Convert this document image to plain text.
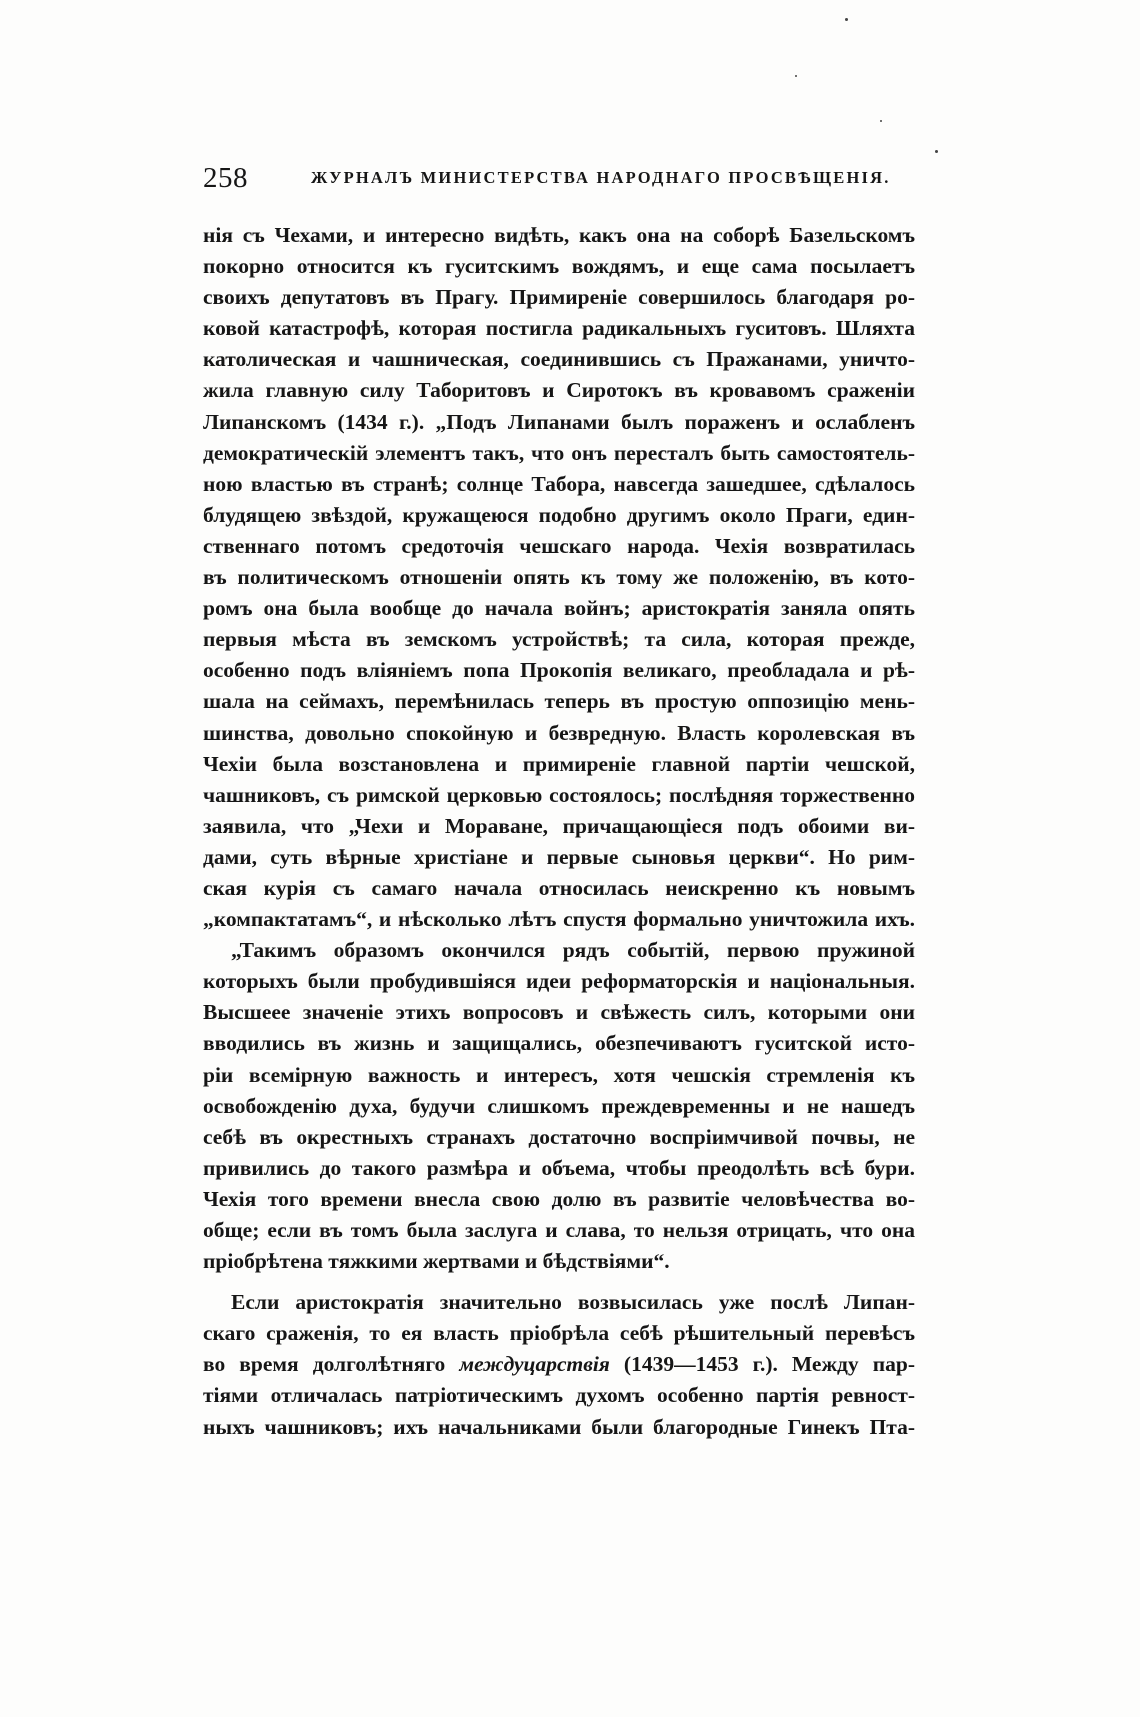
258	ЖУРНАЛЪ МИНИСТЕРСТВА НАРОДНАГО ПРОСВѢЩЕНІЯ.
нія съ Чехами, и интересно видѣть, какъ она на соборѣ Базельскомъ
покорно относится къ гуситскимъ вождямъ, и еще сама посылаетъ
своихъ депутатовъ въ Прагу. Примиреніе совершилось благодаря ро-
ковой катастрофѣ, которая постигла радикальныхъ гуситовъ. Шляхта
католическая и чашническая, соединившись съ Пражанами, уничто-
жила главную силу Таборитовъ и Сиротокъ въ кровавомъ сраженіи
Липанскомъ (1434 г.). „Подъ Липанами былъ пораженъ и ослабленъ
демократическій элементъ такъ, что онъ пересталъ быть самостоятель-
ною властью въ странѣ; солнце Табора, навсегда зашедшее, сдѣлалось
блудящею звѣздой, кружащеюся подобно другимъ около Праги, един-
ственнаго потомъ средоточія чешскаго народа. Чехія возвратилась
въ политическомъ отношеніи опять къ тому же положенію, въ кото-
ромъ она была вообще до начала войнъ; аристократія заняла опять
первыя мѣста въ земскомъ устройствѣ; та сила, которая прежде,
особенно подъ вліяніемъ попа Прокопія великаго, преобладала и рѣ-
шала на сеймахъ, перемѣнилась теперь въ простую оппозицію мень-
шинства, довольно спокойную и безвредную. Власть королевская въ
Чехіи была возстановлена и примиреніе главной партіи чешской,
чашниковъ, съ римской церковью состоялось; послѣдняя торжественно
заявила, что „Чехи и Моравaне, причащающіеся подъ обоими ви-
дами, суть вѣрные христіане и первые сыновья церкви“. Но рим-
ская курія съ самаго начала относилась неискренно къ новымъ
„компактатамъ“, и нѣсколько лѣтъ спустя формально уничтожила ихъ.
„Такимъ образомъ окончился рядъ событій, первою пружиной
которыхъ были пробудившіяся идеи реформаторскія и національныя.
Высшеее значеніе этихъ вопросовъ и свѣжесть силъ, которыми они
вводились въ жизнь и защищались, обезпечиваютъ гуситской исто-
ріи всемірную важность и интересъ, хотя чешскія стремленія къ
освобожденію духа, будучи слишкомъ преждевременны и не нашедъ
себѣ въ окрестныхъ странахъ достаточно воспріимчивой почвы, не
привились до такого размѣра и объема, чтобы преодолѣть всѣ бури.
Чехія того времени внесла свою долю въ развитіе человѣчества во-
обще; если въ томъ была заслуга и слава, то нельзя отрицать, что она
пріобрѣтена тяжкими жертвами и бѣдствіями“.
Если аристократія значительно возвысилась уже послѣ Липан-
скаго сраженія, то ея власть пріобрѣла себѣ рѣшительный перевѣсъ
во время долголѣтняго междуцарствія (1439—1453 г.). Между пар-
тіями отличалась патріотическимъ духомъ особенно партія ревност-
ныхъ чашниковъ; ихъ начальниками были благородные Гинекъ Пта-
